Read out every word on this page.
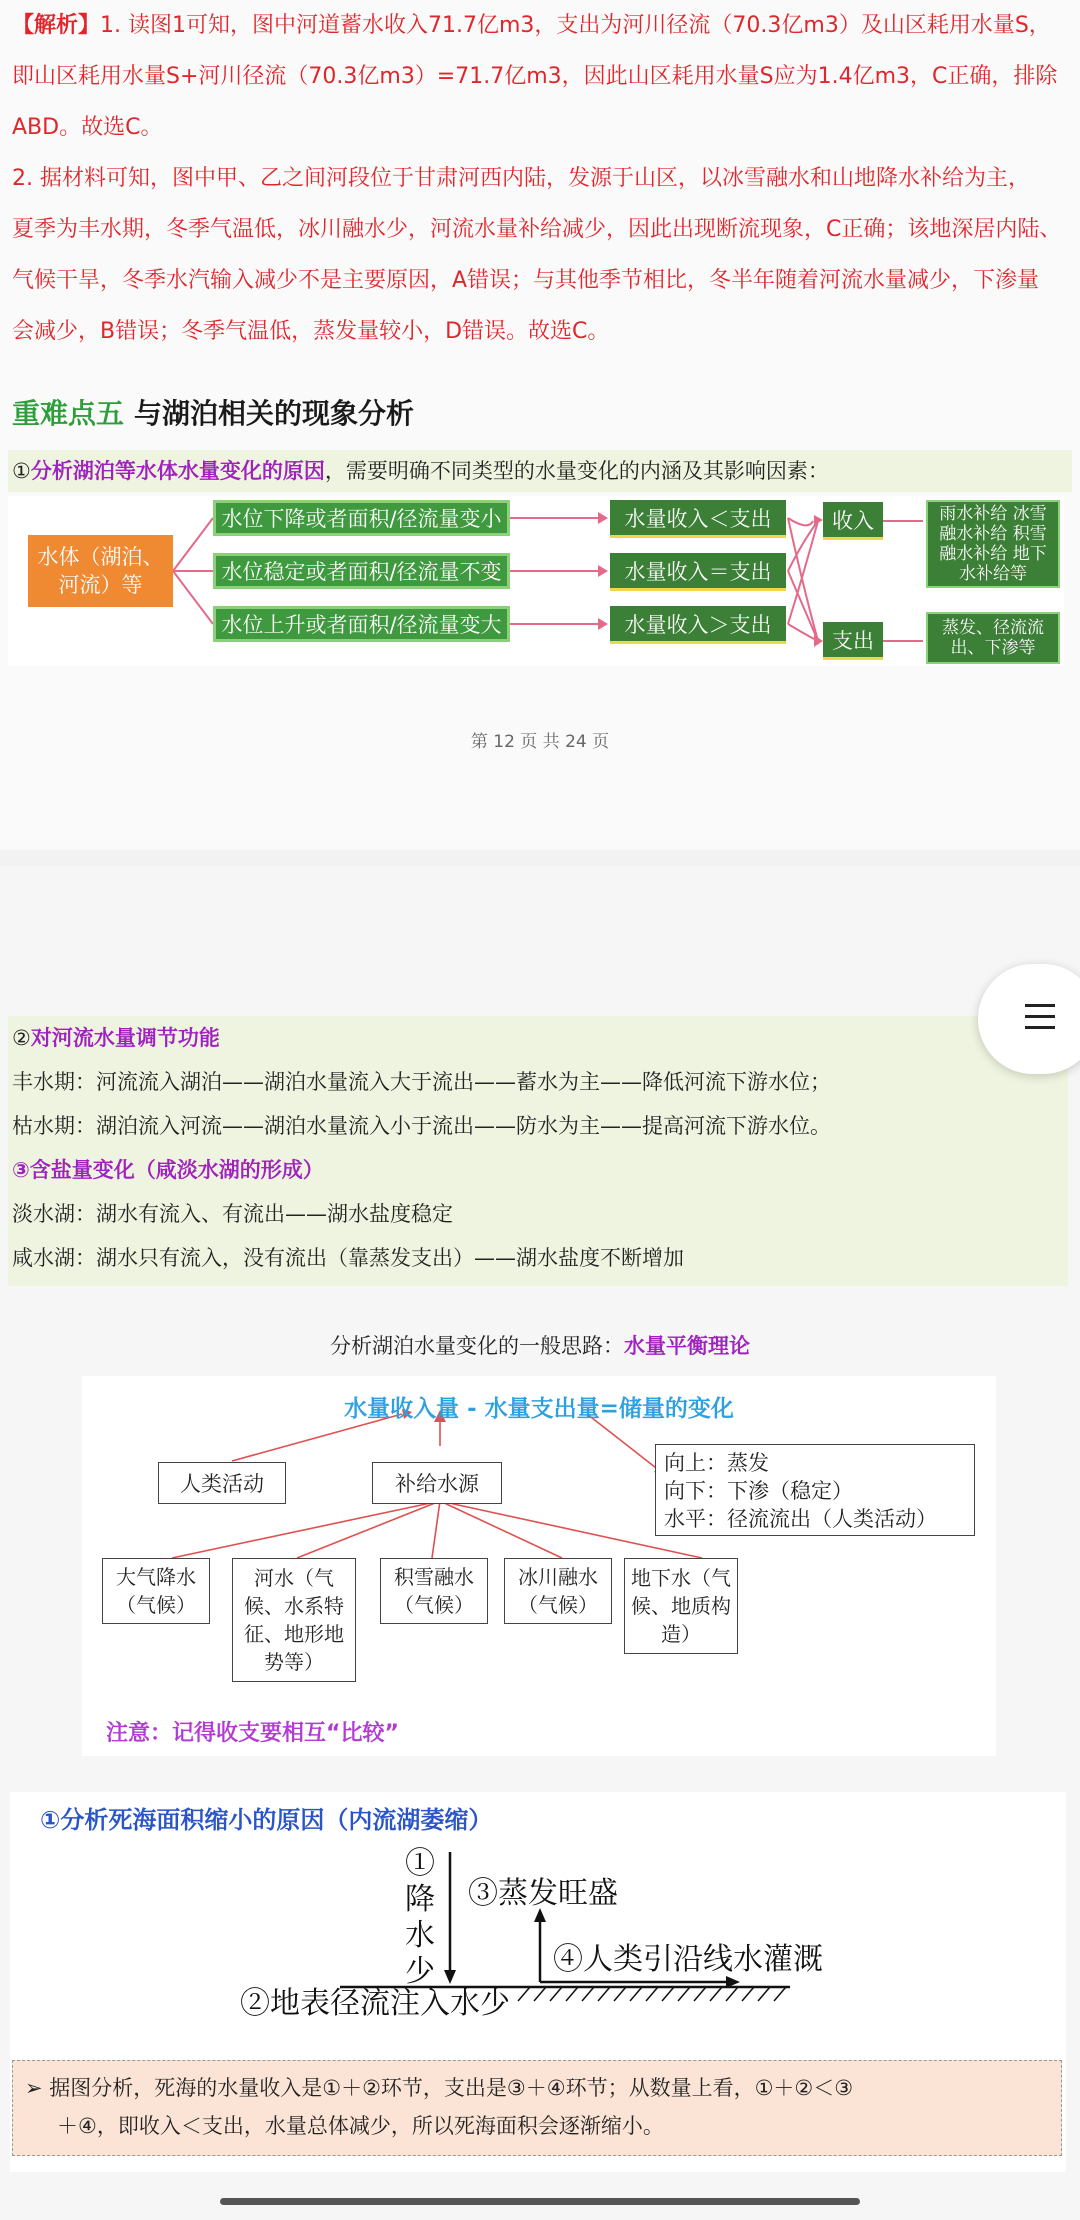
【解析】1. 读图1可知，图中河道蓄水收入71.7亿m3，支出为河川径流（70.3亿m3）及山区耗用水量S，

即山区耗用水量S+河川径流（70.3亿m3）=71.7亿m3，因此山区耗用水量S应为1.4亿m3，C正确，排除

ABD。故选C。

2. 据材料可知，图中甲、乙之间河段位于甘肃河西内陆，发源于山区，以冰雪融水和山地降水补给为主，

夏季为丰水期，冬季气温低，冰川融水少，河流水量补给减少，因此出现断流现象，C正确；该地深居内陆、

气候干旱，冬季水汽输入减少不是主要原因，A错误；与其他季节相比，冬半年随着河流水量减少，下渗量

会减少，B错误；冬季气温低，蒸发量较小，D错误。故选C。

重难点五 与湖泊相关的现象分析
①分析湖泊等水体水量变化的原因，需要明确不同类型的水量变化的内涵及其影响因素：
水体（湖泊、河流）等
水位下降或者面积/径流量变小
水位稳定或者面积/径流量不变
水位上升或者面积/径流量变大
水量收入＜支出
水量收入＝支出
水量收入＞支出
收入
支出
雨水补给 冰雪融水补给 积雪融水补给 地下水补给等
蒸发、径流流出、下渗等
第 12 页 共 24 页
②对河流水量调节功能
丰水期：河流流入湖泊——湖泊水量流入大于流出——蓄水为主——降低河流下游水位；
枯水期：湖泊流入河流——湖泊水量流入小于流出——防水为主——提高河流下游水位。
③含盐量变化（咸淡水湖的形成）
淡水湖：湖水有流入、有流出——湖水盐度稳定
咸水湖：湖水只有流入，没有流出（靠蒸发支出）——湖水盐度不断增加
分析湖泊水量变化的一般思路：水量平衡理论
水量收入量 - 水量支出量=储量的变化
人类活动	补给水源
向上：蒸发
向下：下渗（稳定）
水平：径流流出（人类活动）
大气降水（气候）
河水（气候、水系特征、地形地势等）
积雪融水（气候）
冰川融水（气候）
地下水（气候、地质构造）
注意：记得收支要相互“比较”
①分析死海面积缩小的原因（内流湖萎缩）
①降水少
③蒸发旺盛
④人类引沿线水灌溉
②地表径流注入水少
➢ 据图分析，死海的水量收入是①＋②环节，支出是③＋④环节；从数量上看，①＋②＜③
＋④，即收入＜支出，水量总体减少，所以死海面积会逐渐缩小。
